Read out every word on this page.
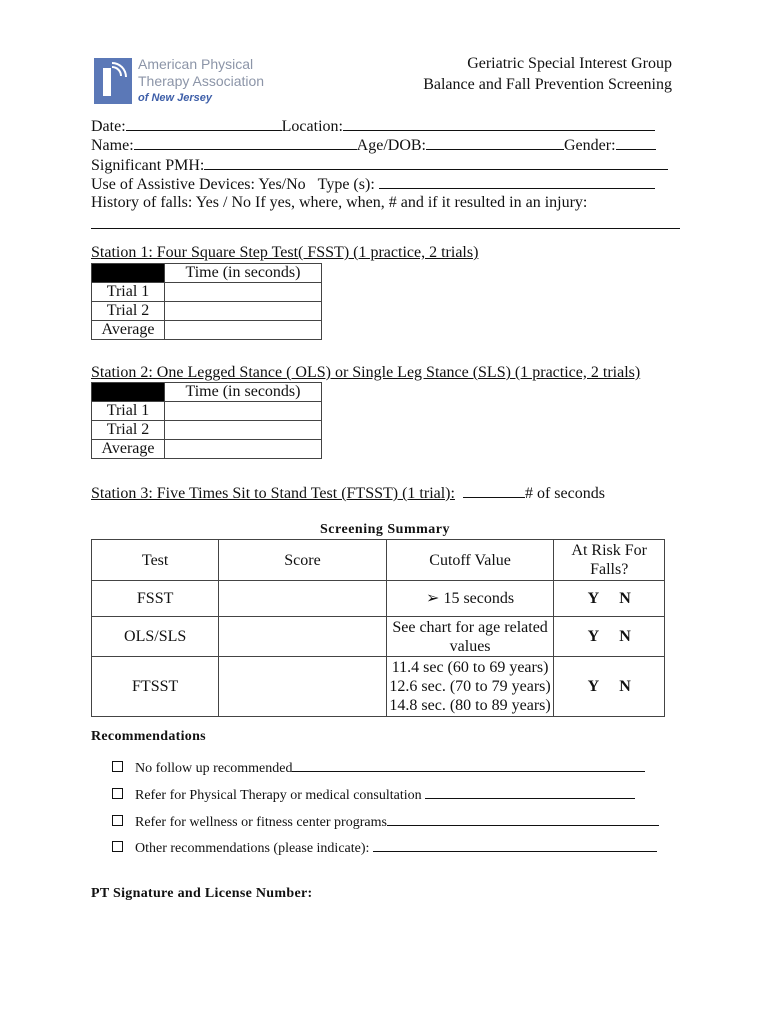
American Physical
Therapy Association
of New Jersey
Geriatric Special Interest Group
Balance and Fall Prevention Screening
Date:	Location:
Name:	Age/DOB:	Gender:
Significant PMH:
Use of Assistive Devices: Yes/No Type (s):
History of falls: Yes / No If yes, where, when, # and if it resulted in an injury:
Station 1: Four Square Step Test( FSST) (1 practice, 2 trials)
	Time (in seconds)
Trial 1	
Trial 2	
Average	
Station 2: One Legged Stance ( OLS) or Single Leg Stance (SLS) (1 practice, 2 trials)
	Time (in seconds)
Trial 1	
Trial 2	
Average	
Station 3: Five Times Sit to Stand Test (FTSST) (1 trial):	# of seconds
Screening Summary
Test	Score	Cutoff Value	At Risk For Falls?
FSST		➢ 15 seconds	Y N
OLS/SLS		See chart for age related
values	Y N
FTSST		11.4 sec (60 to 69 years)
12.6 sec. (70 to 79 years)
14.8 sec. (80 to 89 years)	Y N
Recommendations
No follow up recommended
Refer for Physical Therapy or medical consultation
Refer for wellness or fitness center programs
Other recommendations (please indicate):
PT Signature and License Number:
